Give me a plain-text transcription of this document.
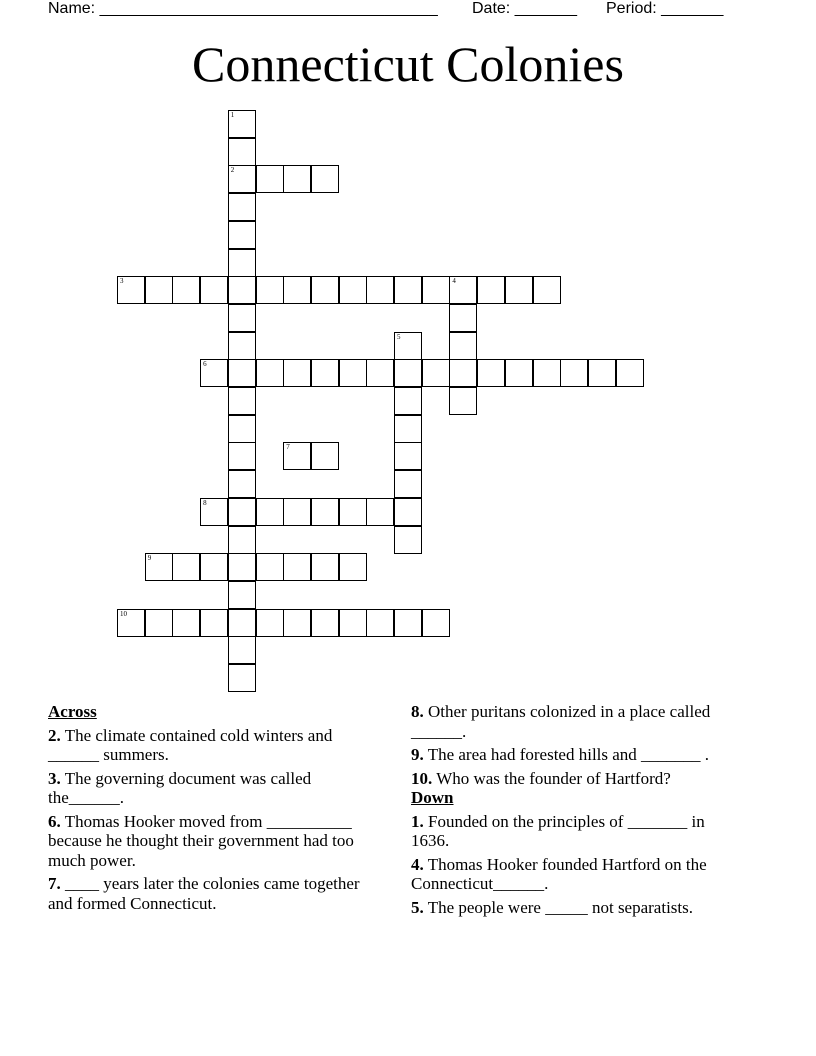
Name: ______________________________________ Date: _______ Period: _______
Connecticut Colonies
1
2
3	4
5
6
7
8
9
10
Across
2. The climate contained cold winters and ______ summers.
3. The governing document was called the______.
6. Thomas Hooker moved from __________ because he thought their government had too much power.
7. ____ years later the colonies came together and formed Connecticut.
8. Other puritans colonized in a place called ______.
9. The area had forested hills and _______ .
10. Who was the founder of Hartford?
Down
1. Founded on the principles of _______ in 1636.
4. Thomas Hooker founded Hartford on the Connecticut______.
5. The people were _____ not separatists.
